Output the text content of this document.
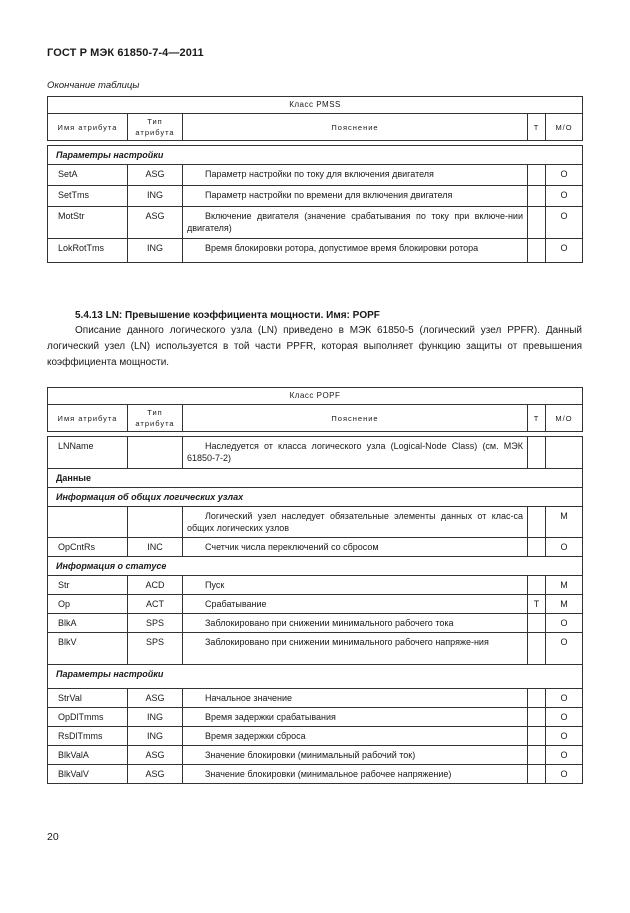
ГОСТ Р МЭК 61850-7-4—2011
Окончание таблицы
Класс PMSS				
Имя атрибута	Тип атрибута	Пояснение	T	M/O

Параметры настройки				
SetA	ASG	Параметр настройки по току для включения двигателя		O
SetTms	ING	Параметр настройки по времени для включения двигателя		O
MotStr	ASG	Включение двигателя (значение срабатывания по току при включе-нии двигателя)		O
LokRotTms	ING	Время блокировки ротора, допустимое время блокировки ротора		O
5.4.13 LN: Превышение коэффициента мощности. Имя: POPF
Описание данного логического узла (LN) приведено в МЭК 61850-5 (логический узел PPFR). Данный логический узел (LN) используется в той части PPFR, которая выполняет функцию защиты от превышения коэффициента мощности.
Класс POPF				
Имя атрибута	Тип атрибута	Пояснение	T	M/O

LNName		Наследуется от класса логического узла (Logical-Node Class) (см. МЭК 61850-7-2)		
Данные				
Информация об общих логических узлах				
		Логический узел наследует обязательные элементы данных от клас-са общих логических узлов		M
OpCntRs	INC	Счетчик числа переключений со сбросом		O
Информация о статусе				
Str	ACD	Пуск		M
Op	ACT	Срабатывание	T	M
BlkA	SPS	Заблокировано при снижении минимального рабочего тока		O
BlkV	SPS	Заблокировано при снижении минимального рабочего напряже-ния		O
Параметры настройки				
StrVal	ASG	Начальное значение		O
OpDlTmms	ING	Время задержки срабатывания		O
RsDlTmms	ING	Время задержки сброса		O
BlkValA	ASG	Значение блокировки (минимальный рабочий ток)		O
BlkValV	ASG	Значение блокировки (минимальное рабочее напряжение)		O
20
